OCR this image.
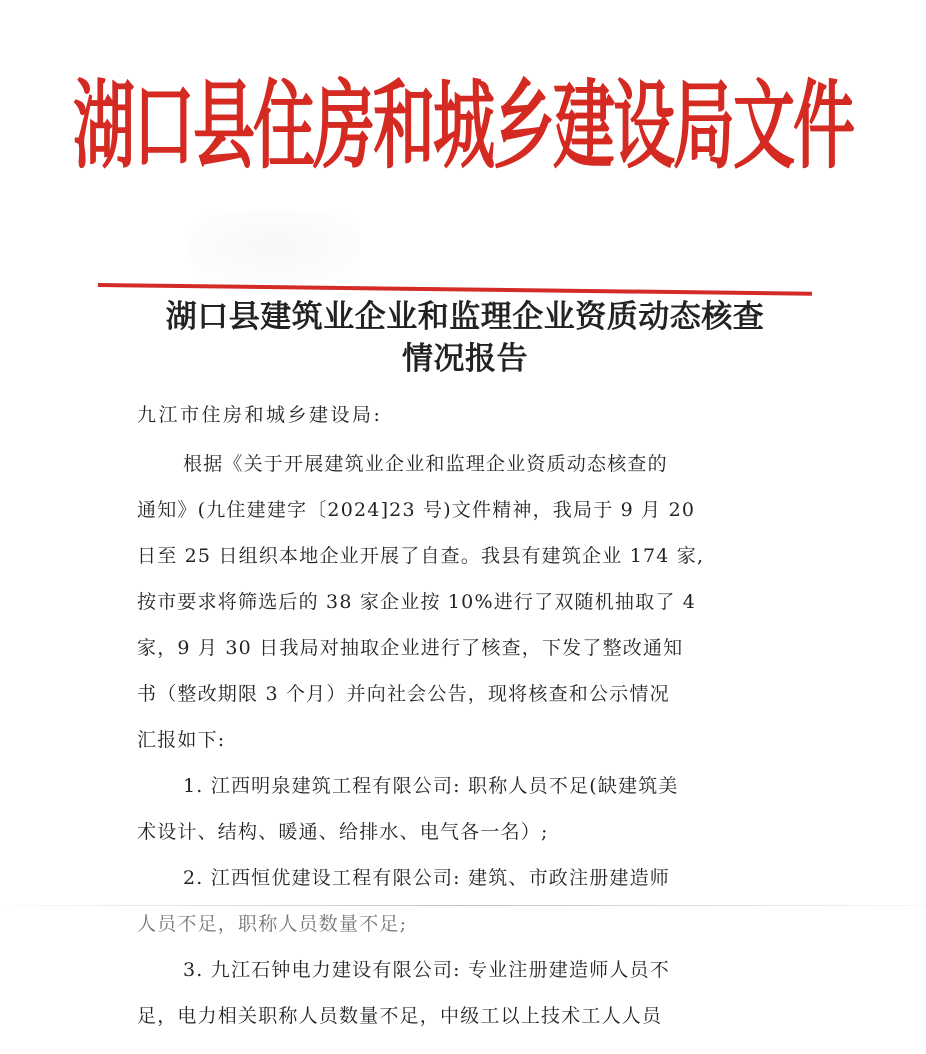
湖口县住房和城乡建设局文件
湖口县建筑业企业和监理企业资质动态核查
情况报告
九江市住房和城乡建设局:
根据《关于开展建筑业企业和监理企业资质动态核查的
通知》(九住建建字〔2024]23 号)文件精神，我局于 9 月 20
日至 25 日组织本地企业开展了自查。我县有建筑企业 174 家,
按市要求将筛选后的 38 家企业按 10%进行了双随机抽取了 4
家，9 月 30 日我局对抽取企业进行了核查，下发了整改通知
书（整改期限 3 个月）并向社会公告，现将核查和公示情况
汇报如下:
1. 江西明泉建筑工程有限公司: 职称人员不足(缺建筑美
术设计、结构、暖通、给排水、电气各一名）;
2. 江西恒优建设工程有限公司: 建筑、市政注册建造师
人员不足，职称人员数量不足;
3. 九江石钟电力建设有限公司: 专业注册建造师人员不
足，电力相关职称人员数量不足，中级工以上技术工人人员
